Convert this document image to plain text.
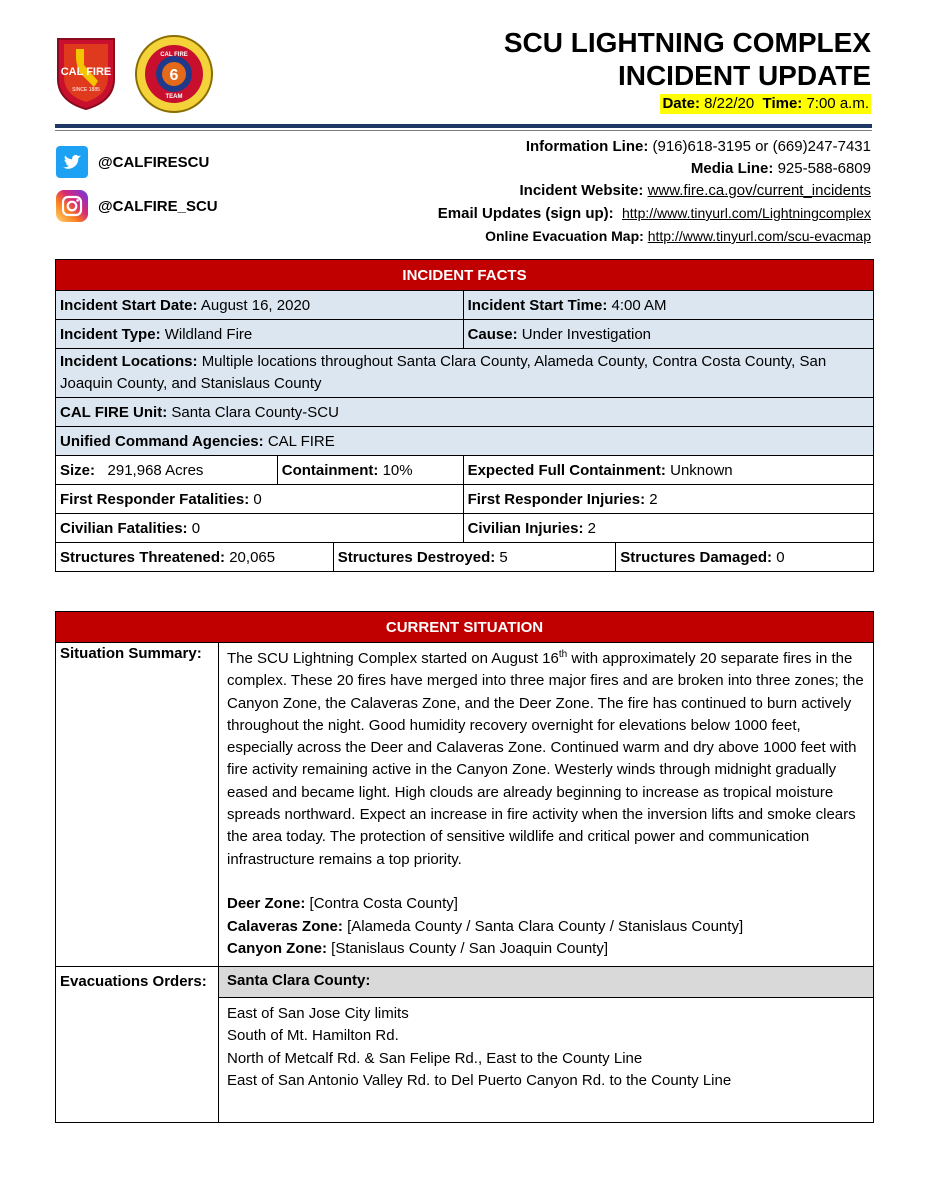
CAL FIRE
SINCE 1885
6
CAL FIRE
TEAM
SCU LIGHTNING COMPLEX
INCIDENT UPDATE
Date: 8/22/20 Time: 7:00 a.m.
@CALFIRESCU
@CALFIRE_SCU
Information Line: (916)618-3195 or (669)247-7431
Media Line: 925-588-6809
Incident Website: www.fire.ca.gov/current_incidents
Email Updates (sign up): http://www.tinyurl.com/Lightningcomplex
Online Evacuation Map: http://www.tinyurl.com/scu-evacmap
INCIDENT FACTS				
Incident Start Date: August 16, 2020			Incident Start Time: 4:00 AM	
Incident Type: Wildland Fire			Cause: Under Investigation	
Incident Locations: Multiple locations throughout Santa Clara County, Alameda County, Contra Costa County, San Joaquin County, and Stanislaus County				
CAL FIRE Unit: Santa Clara County-SCU				
Unified Command Agencies: CAL FIRE				
Size: 291,968 Acres	Containment: 10%		Expected Full Containment: Unknown	
First Responder Fatalities: 0			First Responder Injuries: 2	
Civilian Fatalities: 0			Civilian Injuries: 2	
Structures Threatened: 20,065		Structures Destroyed: 5		Structures Damaged: 0
CURRENT SITUATION	
Situation Summary:	The SCU Lightning Complex started on August 16th with approximately 20 separate fires in the complex. These 20 fires have merged into three major fires and are broken into three zones; the Canyon Zone, the Calaveras Zone, and the Deer Zone. The fire has continued to burn actively throughout the night. Good humidity recovery overnight for elevations below 1000 feet, especially across the Deer and Calaveras Zone. Continued warm and dry above 1000 feet with fire activity remaining active in the Canyon Zone. Westerly winds through midnight gradually eased and became light. High clouds are already beginning to increase as tropical moisture spreads northward. Expect an increase in fire activity when the inversion lifts and smoke clears the area today. The protection of sensitive wildlife and critical power and communication infrastructure remains a top priority.

Deer Zone: [Contra Costa County]

Calaveras Zone: [Alameda County / Santa Clara County / Stanislaus County]

Canyon Zone: [Stanislaus County / San Joaquin County]

Evacuations Orders:	Santa Clara County:

	East of San Jose City limits
South of Mt. Hamilton Rd.
North of Metcalf Rd. & San Felipe Rd., East to the County Line
East of San Antonio Valley Rd. to Del Puerto Canyon Rd. to the County Line
